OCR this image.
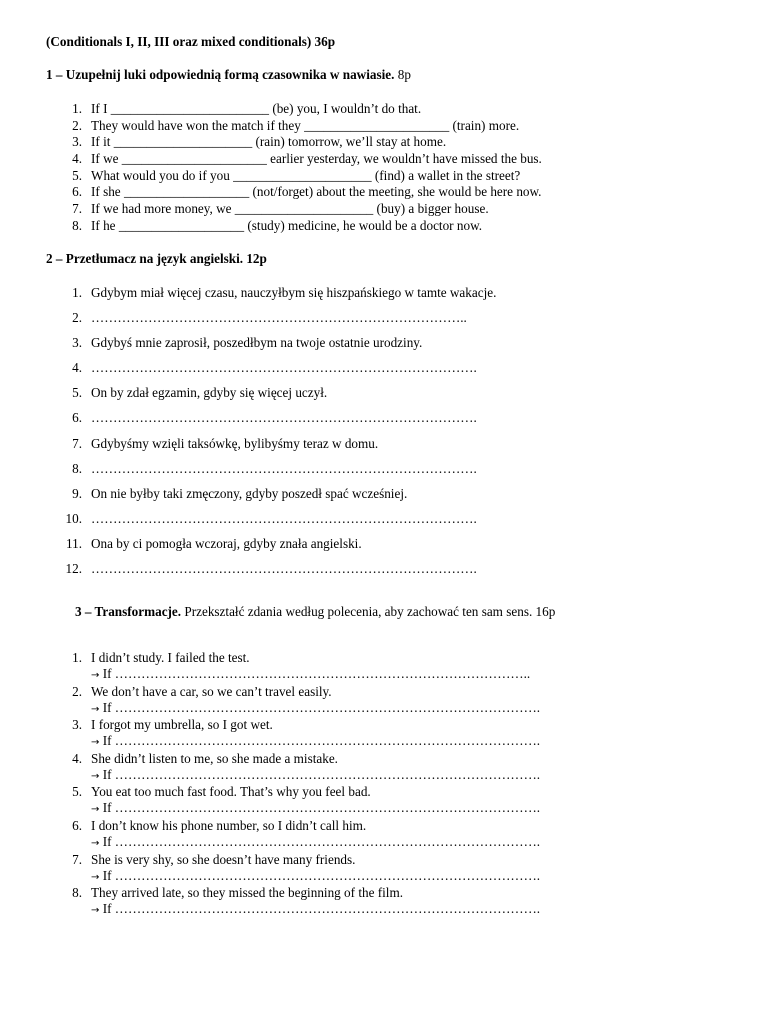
(Conditionals I, II, III oraz mixed conditionals) 36p
1 – Uzupełnij luki odpowiednią formą czasownika w nawiasie. 8p
1. If I ________________________ (be) you, I wouldn’t do that.
2. They would have won the match if they ______________________ (train) more.
3. If it _____________________ (rain) tomorrow, we’ll stay at home.
4. If we ______________________ earlier yesterday, we wouldn’t have missed the bus.
5. What would you do if you _____________________ (find) a wallet in the street?
6. If she ___________________ (not/forget) about the meeting, she would be here now.
7. If we had more money, we _____________________ (buy) a bigger house.
8. If he ___________________ (study) medicine, he would be a doctor now.
2 – Przetłumacz na język angielski. 12p
1. Gdybym miał więcej czasu, nauczyłbym się hiszpańskiego w tamte wakacje.
2. …………………………………………………………………………..
3. Gdybyś mnie zaprosił, poszedłbym na twoje ostatnie urodziny.
4. …………………………………………………………………………….
5. On by zdał egzamin, gdyby się więcej uczył.
6. …………………………………………………………………………….
7. Gdybyśmy wzięli taksówkę, bylibyśmy teraz w domu.
8. …………………………………………………………………………….
9. On nie byłby taki zmęczony, gdyby poszedł spać wcześniej.
10. …………………………………………………………………………….
11. Ona by ci pomogła wczoraj, gdyby znała angielski.
12. …………………………………………………………………………….
3 – Transformacje. Przekształć zdania według polecenia, aby zachować ten sam sens. 16p
1. I didn’t study. I failed the test.
→ If …………………………………………………………………………………..
2. We don’t have a car, so we can’t travel easily.
→ If …………………………………………………………………………………….
3. I forgot my umbrella, so I got wet.
→ If …………………………………………………………………………………….
4. She didn’t listen to me, so she made a mistake.
→ If …………………………………………………………………………………….
5. You eat too much fast food. That’s why you feel bad.
→ If …………………………………………………………………………………….
6. I don’t know his phone number, so I didn’t call him.
→ If …………………………………………………………………………………….
7. She is very shy, so she doesn’t have many friends.
→ If …………………………………………………………………………………….
8. They arrived late, so they missed the beginning of the film.
→ If …………………………………………………………………………………….
